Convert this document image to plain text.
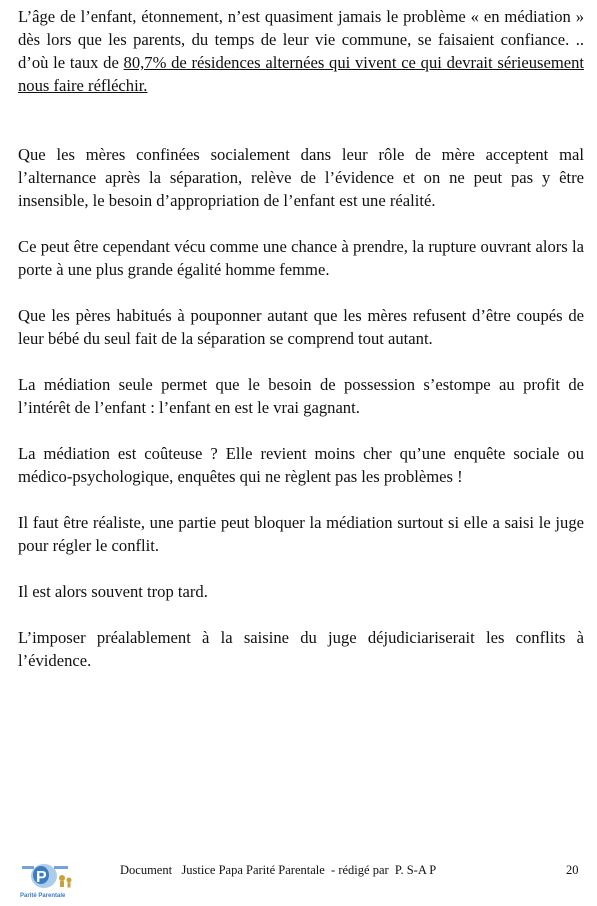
L’âge de l’enfant, étonnement, n’est quasiment jamais le problème « en médiation » dès lors que les parents, du temps de leur vie commune, se faisaient confiance. .. d’où le taux de 80,7% de résidences alternées qui vivent ce qui devrait sérieusement nous faire réfléchir.

Que les mères confinées socialement dans leur rôle de mère acceptent mal l’alternance après la séparation, relève de l’évidence et on ne peut pas y être insensible, le besoin d’appropriation de l’enfant est une réalité.

Ce peut être cependant vécu comme une chance à prendre, la rupture ouvrant alors la porte à une plus grande égalité homme femme.

Que les pères habitués à pouponner autant que les mères refusent d’être coupés de leur bébé du seul fait de la séparation se comprend tout autant.

La médiation seule permet que le besoin de possession s’estompe au profit de l’intérêt de l’enfant : l’enfant en est le vrai gagnant.

La médiation est coûteuse ? Elle revient moins cher qu’une enquête sociale ou médico-psychologique, enquêtes qui ne règlent pas les problèmes !

Il faut être réaliste, une partie peut bloquer la médiation surtout si elle a saisi le juge pour régler le conflit.

Il est alors souvent trop tard.

L’imposer préalablement à la saisine du juge déjudiciariserait les conflits à l’évidence.

P
Parité Parentale
Document   Justice Papa Parité Parentale  - rédigé par  P. S-A P	20
